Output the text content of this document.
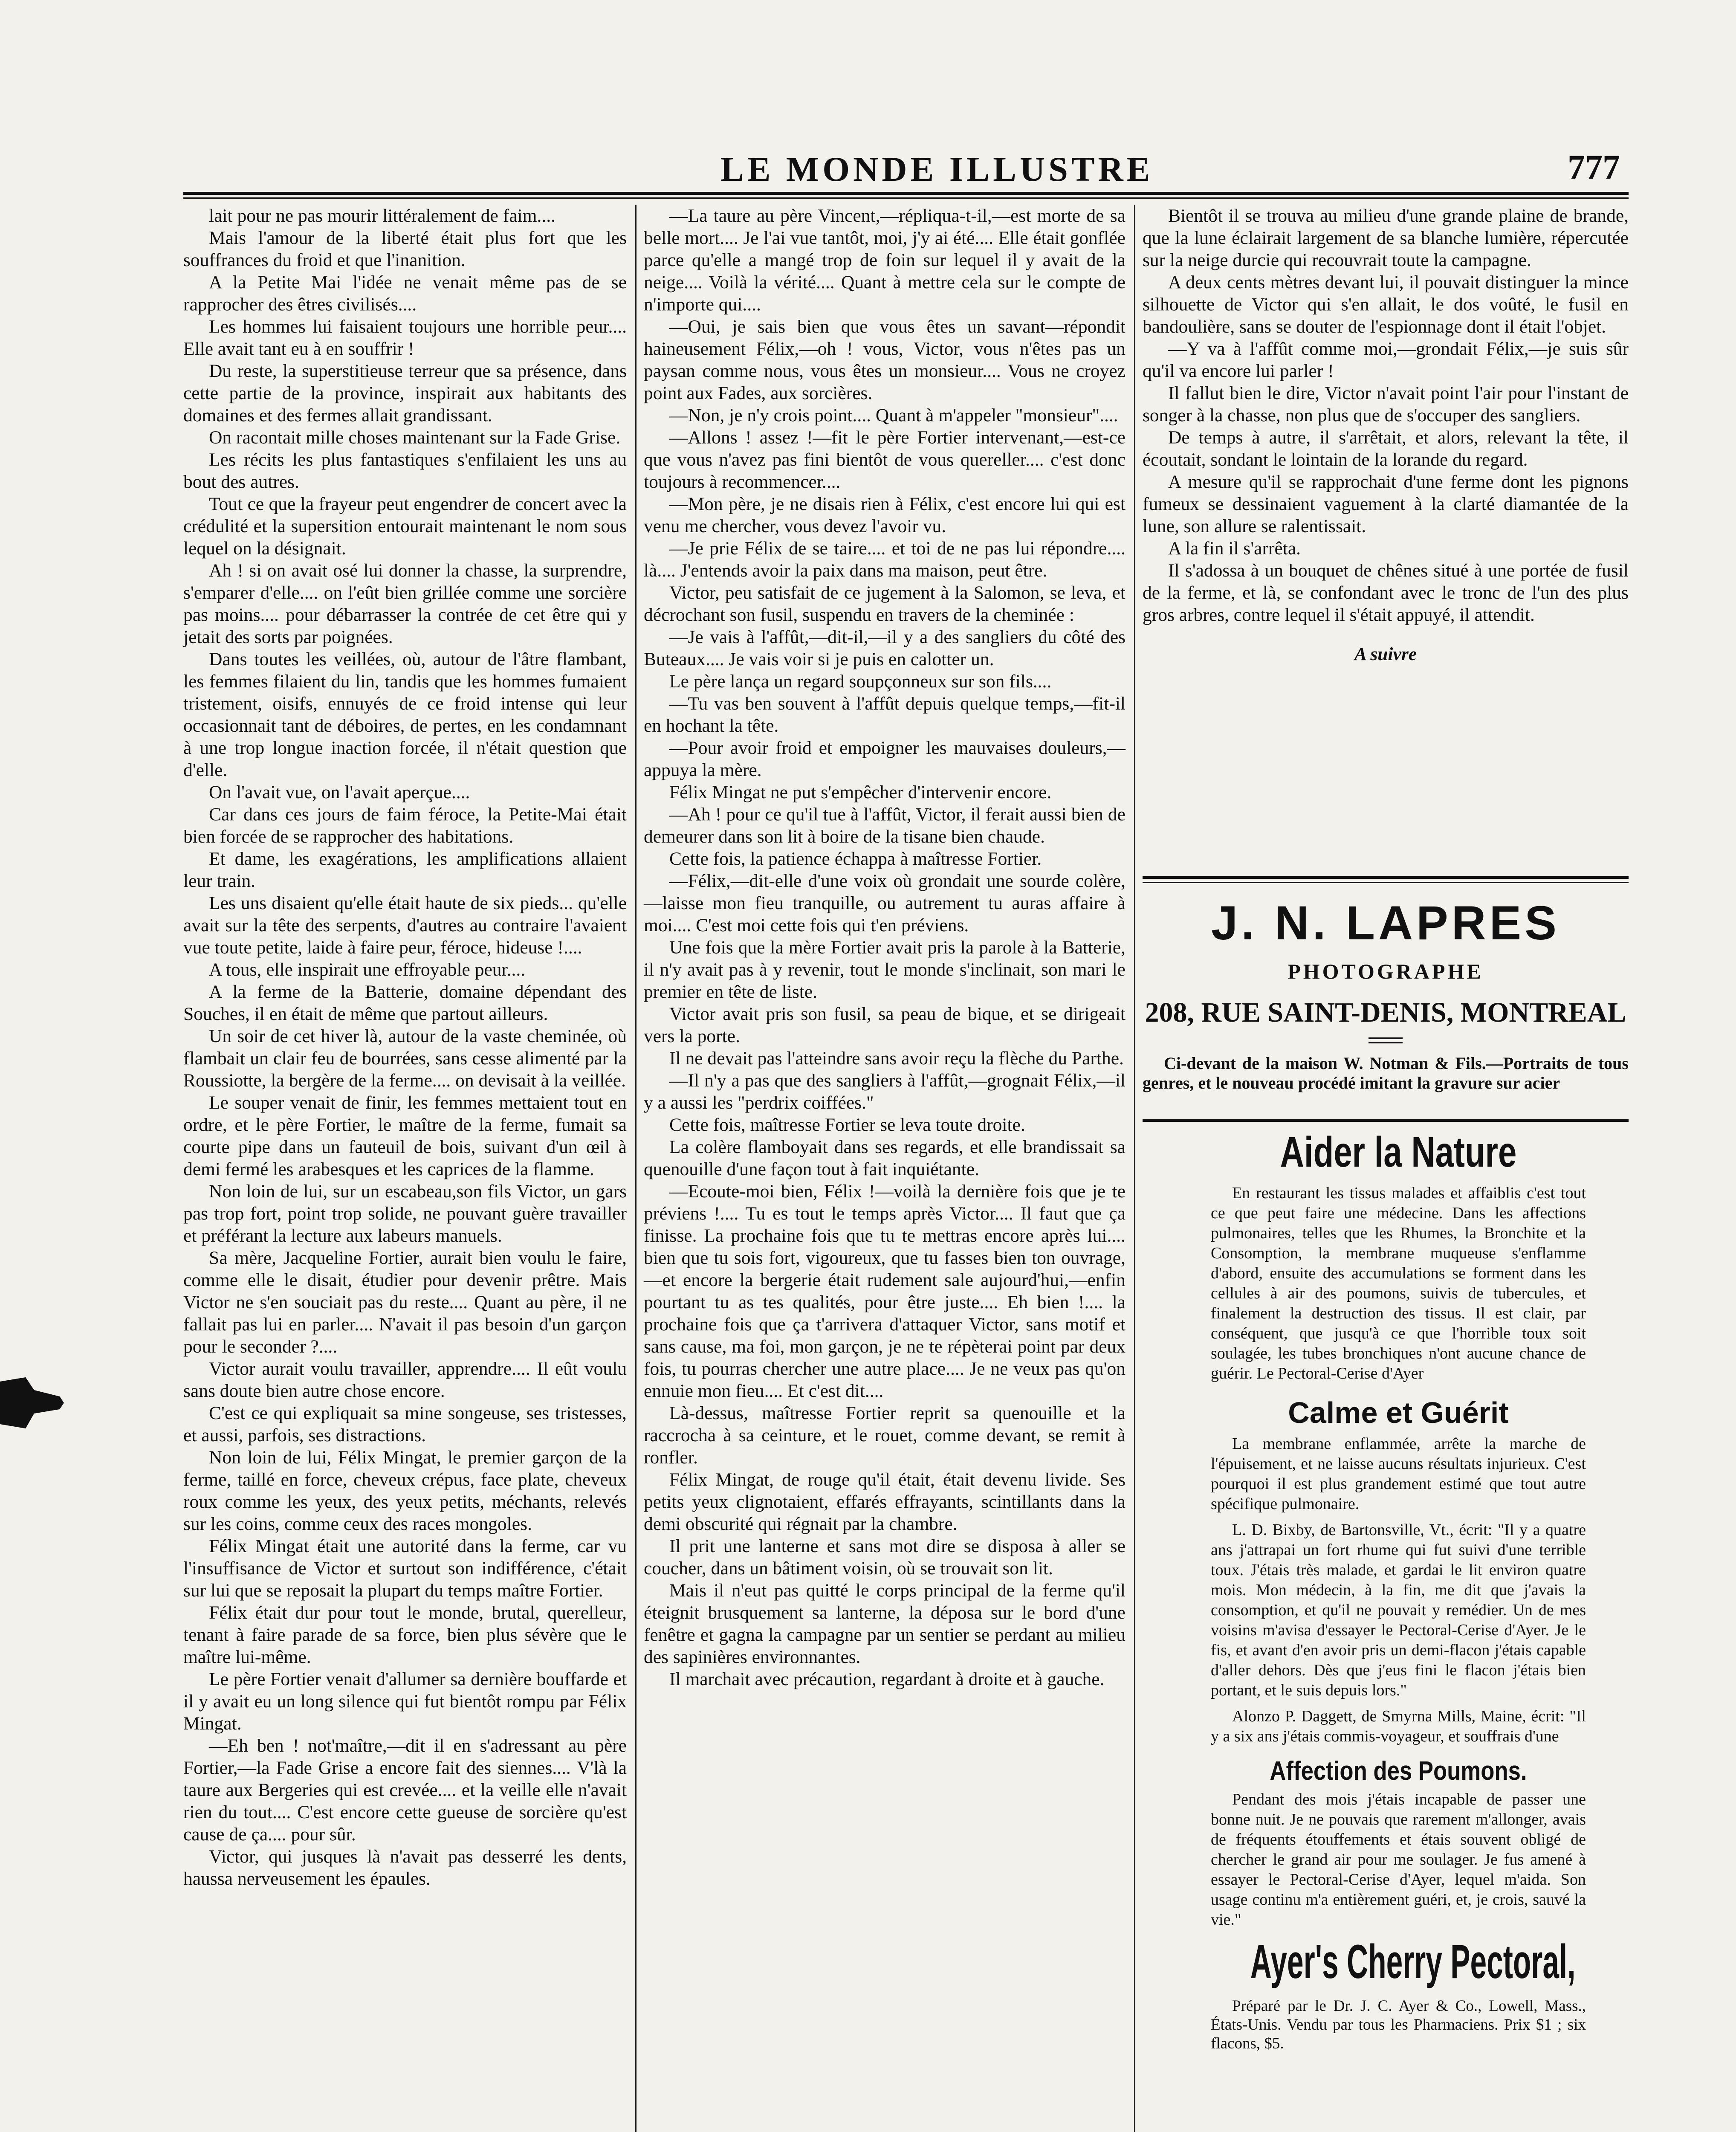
LE MONDE ILLUSTRE	777

lait pour ne pas mourir littéralement de faim....

Mais l'amour de la liberté était plus fort que les souffrances du froid et que l'inanition.

A la Petite Mai l'idée ne venait même pas de se rapprocher des êtres civilisés....

Les hommes lui faisaient toujours une horrible peur.... Elle avait tant eu à en souffrir !

Du reste, la superstitieuse terreur que sa présence, dans cette partie de la province, inspirait aux habitants des domaines et des fermes allait grandissant.

On racontait mille choses maintenant sur la Fade Grise.

Les récits les plus fantastiques s'enfilaient les uns au bout des autres.

Tout ce que la frayeur peut engendrer de concert avec la crédulité et la supersition entourait maintenant le nom sous lequel on la désignait.

Ah ! si on avait osé lui donner la chasse, la surprendre, s'emparer d'elle.... on l'eût bien grillée comme une sorcière pas moins.... pour débarrasser la contrée de cet être qui y jetait des sorts par poignées.

Dans toutes les veillées, où, autour de l'âtre flambant, les femmes filaient du lin, tandis que les hommes fumaient tristement, oisifs, ennuyés de ce froid intense qui leur occasionnait tant de déboires, de pertes, en les condamnant à une trop longue inaction forcée, il n'était question que d'elle.

On l'avait vue, on l'avait aperçue....

Car dans ces jours de faim féroce, la Petite-Mai était bien forcée de se rapprocher des habitations.

Et dame, les exagérations, les amplifications allaient leur train.

Les uns disaient qu'elle était haute de six pieds... qu'elle avait sur la tête des serpents, d'autres au contraire l'avaient vue toute petite, laide à faire peur, féroce, hideuse !....

A tous, elle inspirait une effroyable peur....

A la ferme de la Batterie, domaine dépendant des Souches, il en était de même que partout ailleurs.

Un soir de cet hiver là, autour de la vaste cheminée, où flambait un clair feu de bourrées, sans cesse alimenté par la Roussiotte, la bergère de la ferme.... on devisait à la veillée.

Le souper venait de finir, les femmes mettaient tout en ordre, et le père Fortier, le maître de la ferme, fumait sa courte pipe dans un fauteuil de bois, suivant d'un œil à demi fermé les arabesques et les caprices de la flamme.

Non loin de lui, sur un escabeau,son fils Victor, un gars pas trop fort, point trop solide, ne pouvant guère travailler et préférant la lecture aux labeurs manuels.

Sa mère, Jacqueline Fortier, aurait bien voulu le faire, comme elle le disait, étudier pour devenir prêtre. Mais Victor ne s'en souciait pas du reste.... Quant au père, il ne fallait pas lui en parler.... N'avait il pas besoin d'un garçon pour le seconder ?....

Victor aurait voulu travailler, apprendre.... Il eût voulu sans doute bien autre chose encore.

C'est ce qui expliquait sa mine songeuse, ses tristesses, et aussi, parfois, ses distractions.

Non loin de lui, Félix Mingat, le premier garçon de la ferme, taillé en force, cheveux crépus, face plate, cheveux roux comme les yeux, des yeux petits, méchants, relevés sur les coins, comme ceux des races mongoles.

Félix Mingat était une autorité dans la ferme, car vu l'insuffisance de Victor et surtout son indifférence, c'était sur lui que se reposait la plupart du temps maître Fortier.

Félix était dur pour tout le monde, brutal, querelleur, tenant à faire parade de sa force, bien plus sévère que le maître lui-même.

Le père Fortier venait d'allumer sa dernière bouffarde et il y avait eu un long silence qui fut bientôt rompu par Félix Mingat.

—Eh ben ! not'maître,—dit il en s'adressant au père Fortier,—la Fade Grise a encore fait des siennes.... V'là la taure aux Bergeries qui est crevée.... et la veille elle n'avait rien du tout.... C'est encore cette gueuse de sorcière qu'est cause de ça.... pour sûr.

Victor, qui jusques là n'avait pas desserré les dents, haussa nerveusement les épaules.

—La taure au père Vincent,—répliqua-t-il,—est morte de sa belle mort.... Je l'ai vue tantôt, moi, j'y ai été.... Elle était gonflée parce qu'elle a mangé trop de foin sur lequel il y avait de la neige.... Voilà la vérité.... Quant à mettre cela sur le compte de n'importe qui....

—Oui, je sais bien que vous êtes un savant—répondit haineusement Félix,—oh ! vous, Victor, vous n'êtes pas un paysan comme nous, vous êtes un monsieur.... Vous ne croyez point aux Fades, aux sorcières.

—Non, je n'y crois point.... Quant à m'appeler "monsieur"....

—Allons ! assez !—fit le père Fortier intervenant,—est-ce que vous n'avez pas fini bientôt de vous quereller.... c'est donc toujours à recommencer....

—Mon père, je ne disais rien à Félix, c'est encore lui qui est venu me chercher, vous devez l'avoir vu.

—Je prie Félix de se taire.... et toi de ne pas lui répondre.... là.... J'entends avoir la paix dans ma maison, peut être.

Victor, peu satisfait de ce jugement à la Salomon, se leva, et décrochant son fusil, suspendu en travers de la cheminée :

—Je vais à l'affût,—dit-il,—il y a des sangliers du côté des Buteaux.... Je vais voir si je puis en calotter un.

Le père lança un regard soupçonneux sur son fils....

—Tu vas ben souvent à l'affût depuis quelque temps,—fit-il en hochant la tête.

—Pour avoir froid et empoigner les mauvaises douleurs,—appuya la mère.

Félix Mingat ne put s'empêcher d'intervenir encore.

—Ah ! pour ce qu'il tue à l'affût, Victor, il ferait aussi bien de demeurer dans son lit à boire de la tisane bien chaude.

Cette fois, la patience échappa à maîtresse Fortier.

—Félix,—dit-elle d'une voix où grondait une sourde colère,—laisse mon fieu tranquille, ou autrement tu auras affaire à moi.... C'est moi cette fois qui t'en préviens.

Une fois que la mère Fortier avait pris la parole à la Batterie, il n'y avait pas à y revenir, tout le monde s'inclinait, son mari le premier en tête de liste.

Victor avait pris son fusil, sa peau de bique, et se dirigeait vers la porte.

Il ne devait pas l'atteindre sans avoir reçu la flèche du Parthe.

—Il n'y a pas que des sangliers à l'affût,—grognait Félix,—il y a aussi les "perdrix coiffées."

Cette fois, maîtresse Fortier se leva toute droite.

La colère flamboyait dans ses regards, et elle brandissait sa quenouille d'une façon tout à fait inquiétante.

—Ecoute-moi bien, Félix !—voilà la dernière fois que je te préviens !.... Tu es tout le temps après Victor.... Il faut que ça finisse. La prochaine fois que tu te mettras encore après lui.... bien que tu sois fort, vigoureux, que tu fasses bien ton ouvrage,—et encore la bergerie était rudement sale aujourd'hui,—enfin pourtant tu as tes qualités, pour être juste.... Eh bien !.... la prochaine fois que ça t'arrivera d'attaquer Victor, sans motif et sans cause, ma foi, mon garçon, je ne te répèterai point par deux fois, tu pourras chercher une autre place.... Je ne veux pas qu'on ennuie mon fieu.... Et c'est dit....

Là-dessus, maîtresse Fortier reprit sa quenouille et la raccrocha à sa ceinture, et le rouet, comme devant, se remit à ronfler.

Félix Mingat, de rouge qu'il était, était devenu livide. Ses petits yeux clignotaient, effarés effrayants, scintillants dans la demi obscurité qui régnait par la chambre.

Il prit une lanterne et sans mot dire se disposa à aller se coucher, dans un bâtiment voisin, où se trouvait son lit.

Mais il n'eut pas quitté le corps principal de la ferme qu'il éteignit brusquement sa lanterne, la déposa sur le bord d'une fenêtre et gagna la campagne par un sentier se perdant au milieu des sapinières environnantes.

Il marchait avec précaution, regardant à droite et à gauche.

Bientôt il se trouva au milieu d'une grande plaine de brande, que la lune éclairait largement de sa blanche lumière, répercutée sur la neige durcie qui recouvrait toute la campagne.

A deux cents mètres devant lui, il pouvait distinguer la mince silhouette de Victor qui s'en allait, le dos voûté, le fusil en bandoulière, sans se douter de l'espionnage dont il était l'objet.

—Y va à l'affût comme moi,—grondait Félix,—je suis sûr qu'il va encore lui parler !

Il fallut bien le dire, Victor n'avait point l'air pour l'instant de songer à la chasse, non plus que de s'occuper des sangliers.

De temps à autre, il s'arrêtait, et alors, relevant la tête, il écoutait, sondant le lointain de la lorande du regard.

A mesure qu'il se rapprochait d'une ferme dont les pignons fumeux se dessinaient vaguement à la clarté diamantée de la lune, son allure se ralentissait.

A la fin il s'arrêta.

Il s'adossa à un bouquet de chênes situé à une portée de fusil de la ferme, et là, se confondant avec le tronc de l'un des plus gros arbres, contre lequel il s'était appuyé, il attendit.

A suivre

J. N. LAPRES
PHOTOGRAPHE
208, RUE SAINT-DENIS, MONTREAL
Ci-devant de la maison W. Notman & Fils.—Portraits de tous genres, et le nouveau procédé imitant la gravure sur acier
Aider la Nature

En restaurant les tissus malades et affaiblis c'est tout ce que peut faire une médecine. Dans les affections pulmonaires, telles que les Rhumes, la Bronchite et la Consomption, la membrane muqueuse s'enflamme d'abord, ensuite des accumulations se forment dans les cellules à air des poumons, suivis de tubercules, et finalement la destruction des tissus. Il est clair, par conséquent, que jusqu'à ce que l'horrible toux soit soulagée, les tubes bronchiques n'ont aucune chance de guérir. Le Pectoral-Cerise d'Ayer

Calme et Guérit

La membrane enflammée, arrête la marche de l'épuisement, et ne laisse aucuns résultats injurieux. C'est pourquoi il est plus grandement estimé que tout autre spécifique pulmonaire.

L. D. Bixby, de Bartonsville, Vt., écrit: "Il y a quatre ans j'attrapai un fort rhume qui fut suivi d'une terrible toux. J'étais très malade, et gardai le lit environ quatre mois. Mon médecin, à la fin, me dit que j'avais la consomption, et qu'il ne pouvait y remédier. Un de mes voisins m'avisa d'essayer le Pectoral-Cerise d'Ayer. Je le fis, et avant d'en avoir pris un demi-flacon j'étais capable d'aller dehors. Dès que j'eus fini le flacon j'étais bien portant, et le suis depuis lors."

Alonzo P. Daggett, de Smyrna Mills, Maine, écrit: "Il y a six ans j'étais commis-voyageur, et souffrais d'une

Affection des Poumons.

Pendant des mois j'étais incapable de passer une bonne nuit. Je ne pouvais que rarement m'allonger, avais de fréquents étouffements et étais souvent obligé de chercher le grand air pour me soulager. Je fus amené à essayer le Pectoral-Cerise d'Ayer, lequel m'aida. Son usage continu m'a entièrement guéri, et, je crois, sauvé la vie."

Ayer's Cherry Pectoral,
Préparé par le Dr. J. C. Ayer & Co., Lowell, Mass., États-Unis. Vendu par tous les Pharmaciens. Prix $1 ; six flacons, $5.
